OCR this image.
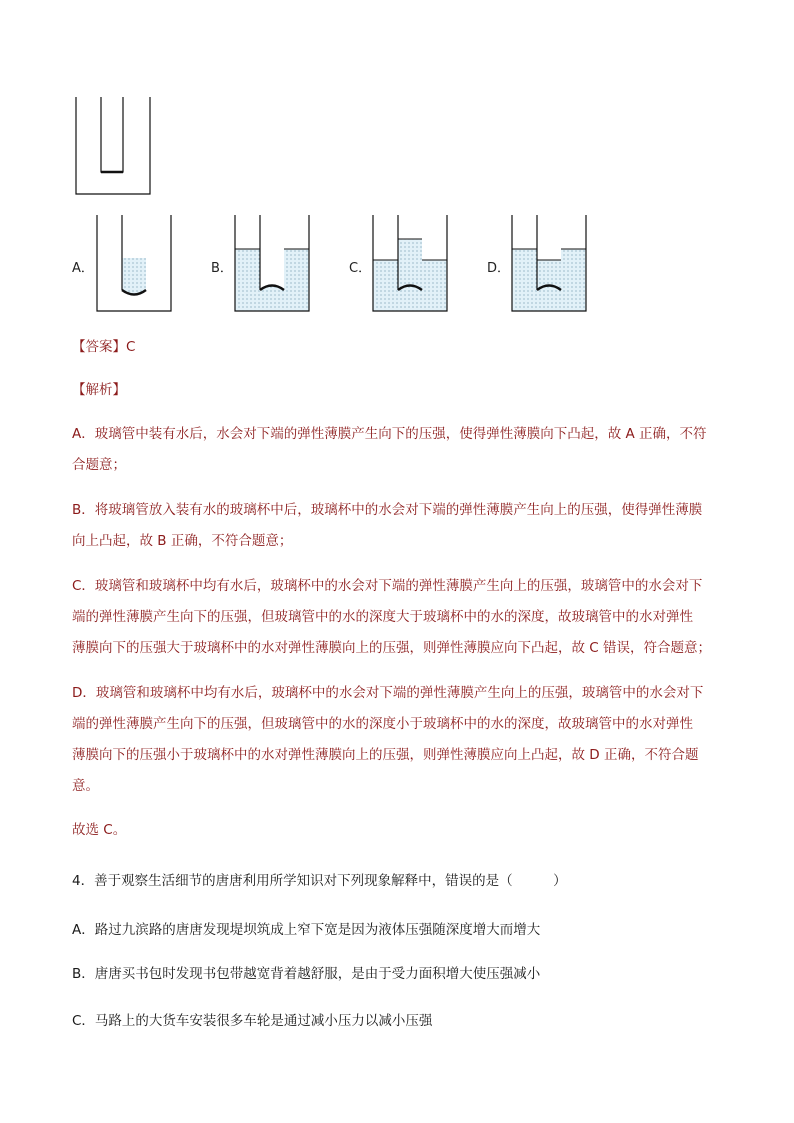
A．	B．	C．	D．
【答案】C
【解析】
A．玻璃管中装有水后，水会对下端的弹性薄膜产生向下的压强，使得弹性薄膜向下凸起，故 A 正确，不符
合题意；
B．将玻璃管放入装有水的玻璃杯中后，玻璃杯中的水会对下端的弹性薄膜产生向上的压强，使得弹性薄膜
向上凸起，故 B 正确，不符合题意；
C．玻璃管和玻璃杯中均有水后，玻璃杯中的水会对下端的弹性薄膜产生向上的压强，玻璃管中的水会对下
端的弹性薄膜产生向下的压强，但玻璃管中的水的深度大于玻璃杯中的水的深度，故玻璃管中的水对弹性
薄膜向下的压强大于玻璃杯中的水对弹性薄膜向上的压强，则弹性薄膜应向下凸起，故 C 错误，符合题意；
D．玻璃管和玻璃杯中均有水后，玻璃杯中的水会对下端的弹性薄膜产生向上的压强，玻璃管中的水会对下
端的弹性薄膜产生向下的压强，但玻璃管中的水的深度小于玻璃杯中的水的深度，故玻璃管中的水对弹性
薄膜向下的压强小于玻璃杯中的水对弹性薄膜向上的压强，则弹性薄膜应向上凸起，故 D 正确，不符合题
意。
故选 C。
4．善于观察生活细节的唐唐利用所学知识对下列现象解释中，错误的是（　　　）
A．路过九滨路的唐唐发现堤坝筑成上窄下宽是因为液体压强随深度增大而增大
B．唐唐买书包时发现书包带越宽背着越舒服，是由于受力面积增大使压强减小
C．马路上的大货车安装很多车轮是通过减小压力以减小压强
